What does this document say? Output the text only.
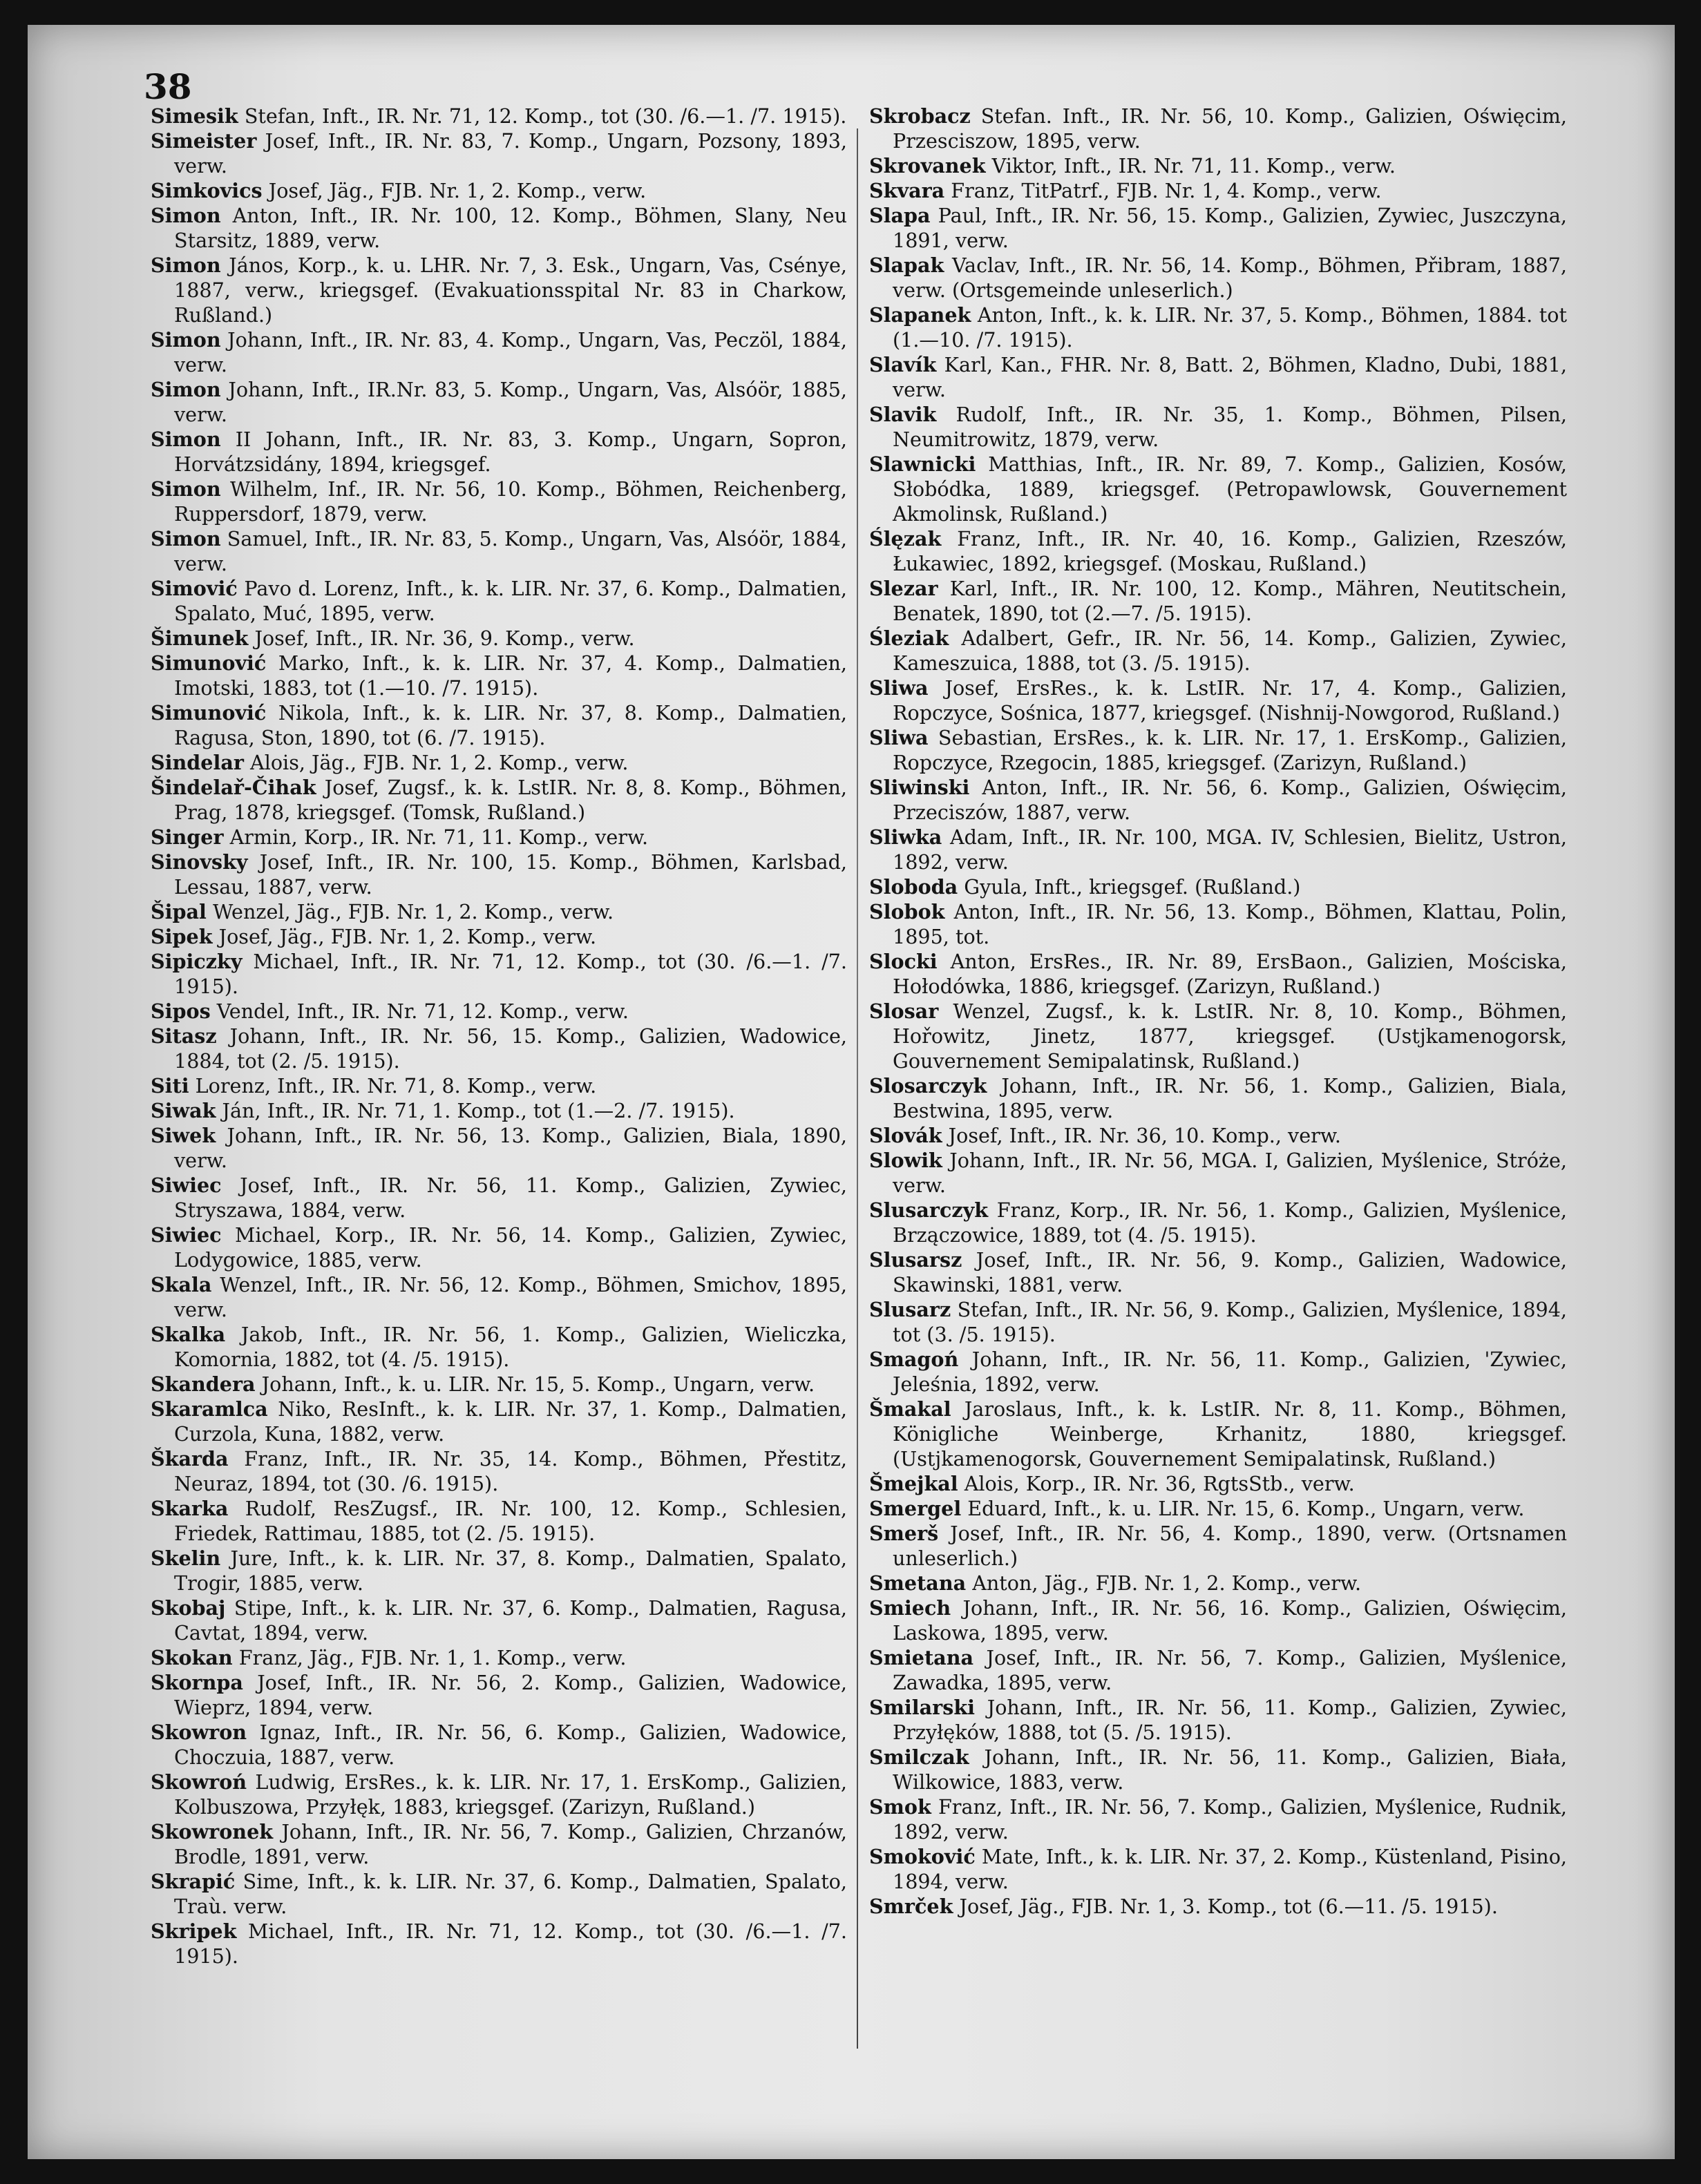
38

Simesik Stefan, Inft., IR. Nr. 71, 12. Komp., tot (30. /6.—1. /7. 1915).

Simeister Josef, Inft., IR. Nr. 83, 7. Komp., Ungarn, Pozsony, 1893, verw.

Simkovics Josef, Jäg., FJB. Nr. 1, 2. Komp., verw.

Simon Anton, Inft., IR. Nr. 100, 12. Komp., Böhmen, Slany, Neu Starsitz, 1889, verw.

Simon János, Korp., k. u. LHR. Nr. 7, 3. Esk., Ungarn, Vas, Csénye, 1887, verw., kriegsgef. (Evakuationsspital Nr. 83 in Charkow, Rußland.)

Simon Johann, Inft., IR. Nr. 83, 4. Komp., Ungarn, Vas, Peczöl, 1884, verw.

Simon Johann, Inft., IR.Nr. 83, 5. Komp., Ungarn, Vas, Alsóör, 1885, verw.

Simon II Johann, Inft., IR. Nr. 83, 3. Komp., Ungarn, Sopron, Horvátzsidány, 1894, kriegsgef.

Simon Wilhelm, Inf., IR. Nr. 56, 10. Komp., Böhmen, Reichenberg, Ruppersdorf, 1879, verw.

Simon Samuel, Inft., IR. Nr. 83, 5. Komp., Ungarn, Vas, Alsóör, 1884, verw.

Simović Pavo d. Lorenz, Inft., k. k. LIR. Nr. 37, 6. Komp., Dalmatien, Spalato, Muć, 1895, verw.

Šimunek Josef, Inft., IR. Nr. 36, 9. Komp., verw.

Simunović Marko, Inft., k. k. LIR. Nr. 37, 4. Komp., Dalmatien, Imotski, 1883, tot (1.—10. /7. 1915).

Simunović Nikola, Inft., k. k. LIR. Nr. 37, 8. Komp., Dalmatien, Ragusa, Ston, 1890, tot (6. /7. 1915).

Sindelar Alois, Jäg., FJB. Nr. 1, 2. Komp., verw.

Šindelař-Čihak Josef, Zugsf., k. k. LstIR. Nr. 8, 8. Komp., Böhmen, Prag, 1878, kriegsgef. (Tomsk, Rußland.)

Singer Armin, Korp., IR. Nr. 71, 11. Komp., verw.

Sinovsky Josef, Inft., IR. Nr. 100, 15. Komp., Böhmen, Karlsbad, Lessau, 1887, verw.

Šipal Wenzel, Jäg., FJB. Nr. 1, 2. Komp., verw.

Sipek Josef, Jäg., FJB. Nr. 1, 2. Komp., verw.

Sipiczky Michael, Inft., IR. Nr. 71, 12. Komp., tot (30. /6.—1. /7. 1915).

Sipos Vendel, Inft., IR. Nr. 71, 12. Komp., verw.

Sitasz Johann, Inft., IR. Nr. 56, 15. Komp., Galizien, Wadowice, 1884, tot (2. /5. 1915).

Siti Lorenz, Inft., IR. Nr. 71, 8. Komp., verw.

Siwak Ján, Inft., IR. Nr. 71, 1. Komp., tot (1.—2. /7. 1915).

Siwek Johann, Inft., IR. Nr. 56, 13. Komp., Galizien, Biala, 1890, verw.

Siwiec Josef, Inft., IR. Nr. 56, 11. Komp., Galizien, Zywiec, Stryszawa, 1884, verw.

Siwiec Michael, Korp., IR. Nr. 56, 14. Komp., Galizien, Zywiec, Lodygowice, 1885, verw.

Skala Wenzel, Inft., IR. Nr. 56, 12. Komp., Böhmen, Smichov, 1895, verw.

Skalka Jakob, Inft., IR. Nr. 56, 1. Komp., Galizien, Wieliczka, Komornia, 1882, tot (4. /5. 1915).

Skandera Johann, Inft., k. u. LIR. Nr. 15, 5. Komp., Ungarn, verw.

Skaramlca Niko, ResInft., k. k. LIR. Nr. 37, 1. Komp., Dalmatien, Curzola, Kuna, 1882, verw.

Škarda Franz, Inft., IR. Nr. 35, 14. Komp., Böhmen, Přestitz, Neuraz, 1894, tot (30. /6. 1915).

Skarka Rudolf, ResZugsf., IR. Nr. 100, 12. Komp., Schlesien, Friedek, Rattimau, 1885, tot (2. /5. 1915).

Skelin Jure, Inft., k. k. LIR. Nr. 37, 8. Komp., Dalmatien, Spalato, Trogir, 1885, verw.

Skobaj Stipe, Inft., k. k. LIR. Nr. 37, 6. Komp., Dalmatien, Ragusa, Cavtat, 1894, verw.

Skokan Franz, Jäg., FJB. Nr. 1, 1. Komp., verw.

Skornpa Josef, Inft., IR. Nr. 56, 2. Komp., Galizien, Wadowice, Wieprz, 1894, verw.

Skowron Ignaz, Inft., IR. Nr. 56, 6. Komp., Galizien, Wadowice, Choczuia, 1887, verw.

Skowroń Ludwig, ErsRes., k. k. LIR. Nr. 17, 1. ErsKomp., Galizien, Kolbuszowa, Przyłęk, 1883, kriegsgef. (Zarizyn, Rußland.)

Skowronek Johann, Inft., IR. Nr. 56, 7. Komp., Galizien, Chrzanów, Brodle, 1891, verw.

Skrapić Sime, Inft., k. k. LIR. Nr. 37, 6. Komp., Dalmatien, Spalato, Traù. verw.

Skripek Michael, Inft., IR. Nr. 71, 12. Komp., tot (30. /6.—1. /7. 1915).

Skrobacz Stefan. Inft., IR. Nr. 56, 10. Komp., Galizien, Oświęcim, Przesciszow, 1895, verw.

Skrovanek Viktor, Inft., IR. Nr. 71, 11. Komp., verw.

Skvara Franz, TitPatrf., FJB. Nr. 1, 4. Komp., verw.

Slapa Paul, Inft., IR. Nr. 56, 15. Komp., Galizien, Zywiec, Juszczyna, 1891, verw.

Slapak Vaclav, Inft., IR. Nr. 56, 14. Komp., Böhmen, Přibram, 1887, verw. (Ortsgemeinde unleserlich.)

Slapanek Anton, Inft., k. k. LIR. Nr. 37, 5. Komp., Böhmen, 1884. tot (1.—10. /7. 1915).

Slavík Karl, Kan., FHR. Nr. 8, Batt. 2, Böhmen, Kladno, Dubi, 1881, verw.

Slavik Rudolf, Inft., IR. Nr. 35, 1. Komp., Böhmen, Pilsen, Neumitrowitz, 1879, verw.

Slawnicki Matthias, Inft., IR. Nr. 89, 7. Komp., Galizien, Kosów, Słobódka, 1889, kriegsgef. (Petropawlowsk, Gouvernement Akmolinsk, Rußland.)

Ślęzak Franz, Inft., IR. Nr. 40, 16. Komp., Galizien, Rzeszów, Łukawiec, 1892, kriegsgef. (Moskau, Rußland.)

Slezar Karl, Inft., IR. Nr. 100, 12. Komp., Mähren, Neutitschein, Benatek, 1890, tot (2.—7. /5. 1915).

Śleziak Adalbert, Gefr., IR. Nr. 56, 14. Komp., Galizien, Zywiec, Kameszuica, 1888, tot (3. /5. 1915).

Sliwa Josef, ErsRes., k. k. LstIR. Nr. 17, 4. Komp., Galizien, Ropczyce, Sośnica, 1877, kriegsgef. (Nishnij-Nowgorod, Rußland.)

Sliwa Sebastian, ErsRes., k. k. LIR. Nr. 17, 1. ErsKomp., Galizien, Ropczyce, Rzegocin, 1885, kriegsgef. (Zarizyn, Rußland.)

Sliwinski Anton, Inft., IR. Nr. 56, 6. Komp., Galizien, Oświęcim, Przeciszów, 1887, verw.

Sliwka Adam, Inft., IR. Nr. 100, MGA. IV, Schlesien, Bielitz, Ustron, 1892, verw.

Sloboda Gyula, Inft., kriegsgef. (Rußland.)

Slobok Anton, Inft., IR. Nr. 56, 13. Komp., Böhmen, Klattau, Polin, 1895, tot.

Slocki Anton, ErsRes., IR. Nr. 89, ErsBaon., Galizien, Mościska, Hołodówka, 1886, kriegsgef. (Zarizyn, Rußland.)

Slosar Wenzel, Zugsf., k. k. LstIR. Nr. 8, 10. Komp., Böhmen, Hořowitz, Jinetz, 1877, kriegsgef. (Ustjkamenogorsk, Gouvernement Semipalatinsk, Rußland.)

Slosarczyk Johann, Inft., IR. Nr. 56, 1. Komp., Galizien, Biala, Bestwina, 1895, verw.

Slovák Josef, Inft., IR. Nr. 36, 10. Komp., verw.

Slowik Johann, Inft., IR. Nr. 56, MGA. I, Galizien, Myślenice, Stróże, verw.

Slusarczyk Franz, Korp., IR. Nr. 56, 1. Komp., Galizien, Myślenice, Brzączowice, 1889, tot (4. /5. 1915).

Slusarsz Josef, Inft., IR. Nr. 56, 9. Komp., Galizien, Wadowice, Skawinski, 1881, verw.

Slusarz Stefan, Inft., IR. Nr. 56, 9. Komp., Galizien, Myślenice, 1894, tot (3. /5. 1915).

Smagoń Johann, Inft., IR. Nr. 56, 11. Komp., Galizien, 'Zywiec, Jeleśnia, 1892, verw.

Šmakal Jaroslaus, Inft., k. k. LstIR. Nr. 8, 11. Komp., Böhmen, Königliche Weinberge, Krhanitz, 1880, kriegsgef. (Ustjkamenogorsk, Gouvernement Semipalatinsk, Rußland.)

Šmejkal Alois, Korp., IR. Nr. 36, RgtsStb., verw.

Smergel Eduard, Inft., k. u. LIR. Nr. 15, 6. Komp., Ungarn, verw.

Smerš Josef, Inft., IR. Nr. 56, 4. Komp., 1890, verw. (Ortsnamen unleserlich.)

Smetana Anton, Jäg., FJB. Nr. 1, 2. Komp., verw.

Smiech Johann, Inft., IR. Nr. 56, 16. Komp., Galizien, Oświęcim, Laskowa, 1895, verw.

Smietana Josef, Inft., IR. Nr. 56, 7. Komp., Galizien, Myślenice, Zawadka, 1895, verw.

Smilarski Johann, Inft., IR. Nr. 56, 11. Komp., Galizien, Zywiec, Przyłęków, 1888, tot (5. /5. 1915).

Smilczak Johann, Inft., IR. Nr. 56, 11. Komp., Galizien, Biała, Wilkowice, 1883, verw.

Smok Franz, Inft., IR. Nr. 56, 7. Komp., Galizien, Myślenice, Rudnik, 1892, verw.

Smoković Mate, Inft., k. k. LIR. Nr. 37, 2. Komp., Küstenland, Pisino, 1894, verw.

Smrček Josef, Jäg., FJB. Nr. 1, 3. Komp., tot (6.—11. /5. 1915).
